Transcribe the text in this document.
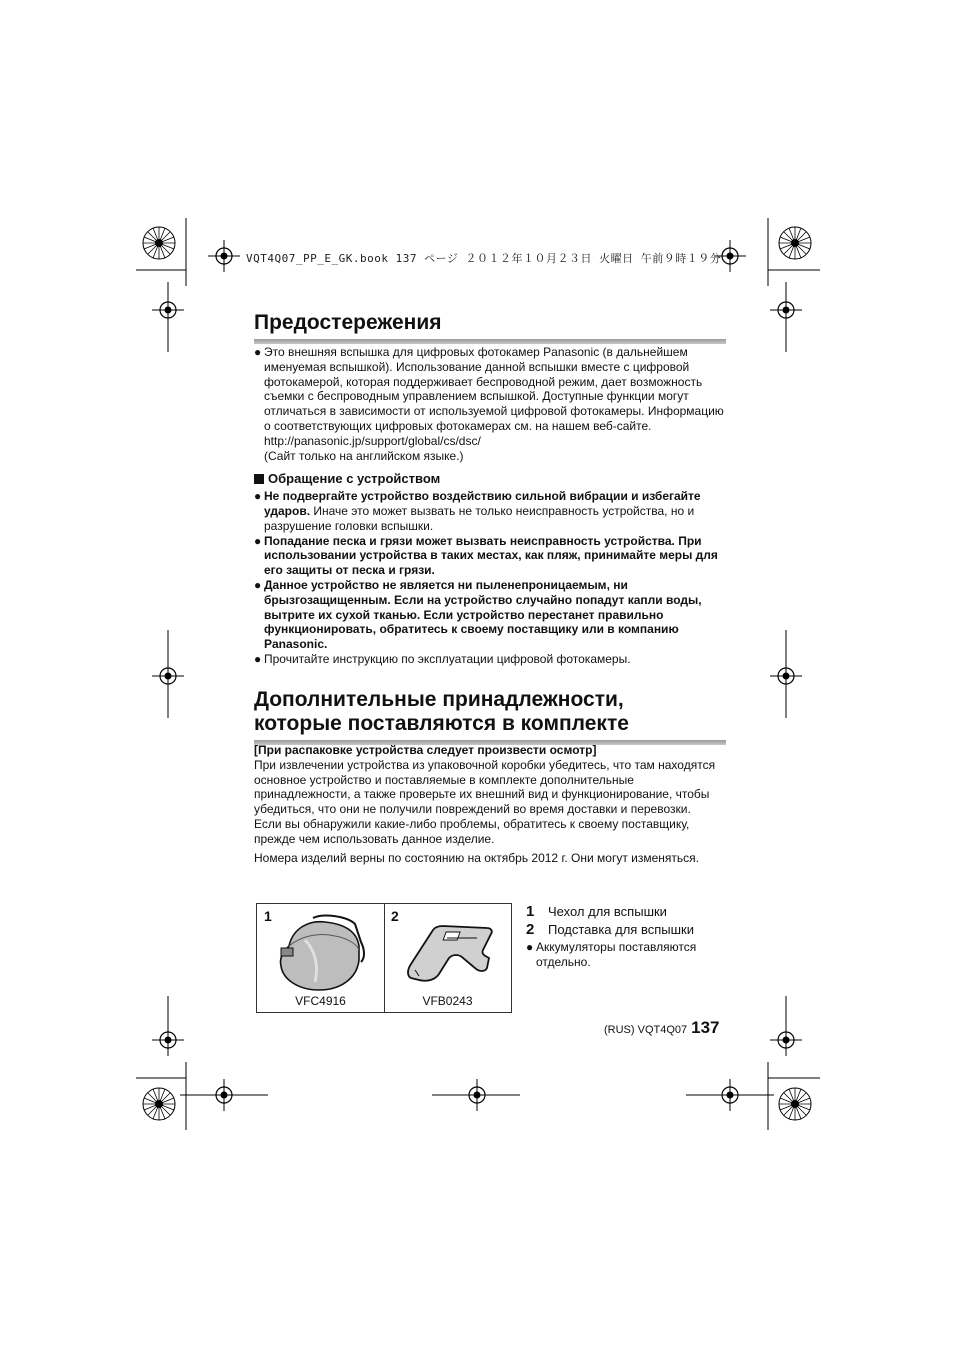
VQT4Q07_PP_E_GK.book 137 ページ ２０１２年１０月２３日 火曜日 午前９時１９分
Предостережения
● Это внешняя вспышка для цифровых фотокамер Panasonic (в дальнейшем именуемая вспышкой). Использование данной вспышки вместе с цифровой фотокамерой, которая поддерживает беспроводной режим, дает возможность съемки с беспроводным управлением вспышкой. Доступные функции могут отличаться в зависимости от используемой цифровой фотокамеры. Информацию о соответствующих цифровых фотокамерах см. на нашем веб-сайте.
http://panasonic.jp/support/global/cs/dsc/
(Сайт только на английском языке.)
Обращение с устройством
● Не подвергайте устройство воздействию сильной вибрации и избегайте ударов. Иначе это может вызвать не только неисправность устройства, но и разрушение головки вспышки.
● Попадание песка и грязи может вызвать неисправность устройства. При использовании устройства в таких местах, как пляж, принимайте меры для его защиты от песка и грязи.
● Данное устройство не является ни пыленепроницаемым, ни брызгозащищенным. Если на устройство случайно попадут капли воды, вытрите их сухой тканью. Если устройство перестанет правильно функционировать, обратитесь к своему поставщику или в компанию Panasonic.
● Прочитайте инструкцию по эксплуатации цифровой фотокамеры.
Дополнительные принадлежности,
которые поставляются в комплекте
[При распаковке устройства следует произвести осмотр]
При извлечении устройства из упаковочной коробки убедитесь, что там находятся основное устройство и поставляемые в комплекте дополнительные принадлежности, а также проверьте их внешний вид и функционирование, чтобы убедиться, что они не получили повреждений во время доставки и перевозки.
Если вы обнаружили какие-либо проблемы, обратитесь к своему поставщику, прежде чем использовать данное изделие.
Номера изделий верны по состоянию на октябрь 2012 г. Они могут изменяться.
1	2
VFC4916	VFB0243
1 Чехол для вспышки
2 Подставка для вспышки
● Аккумуляторы поставляются отдельно.
(RUS) VQT4Q07 137
